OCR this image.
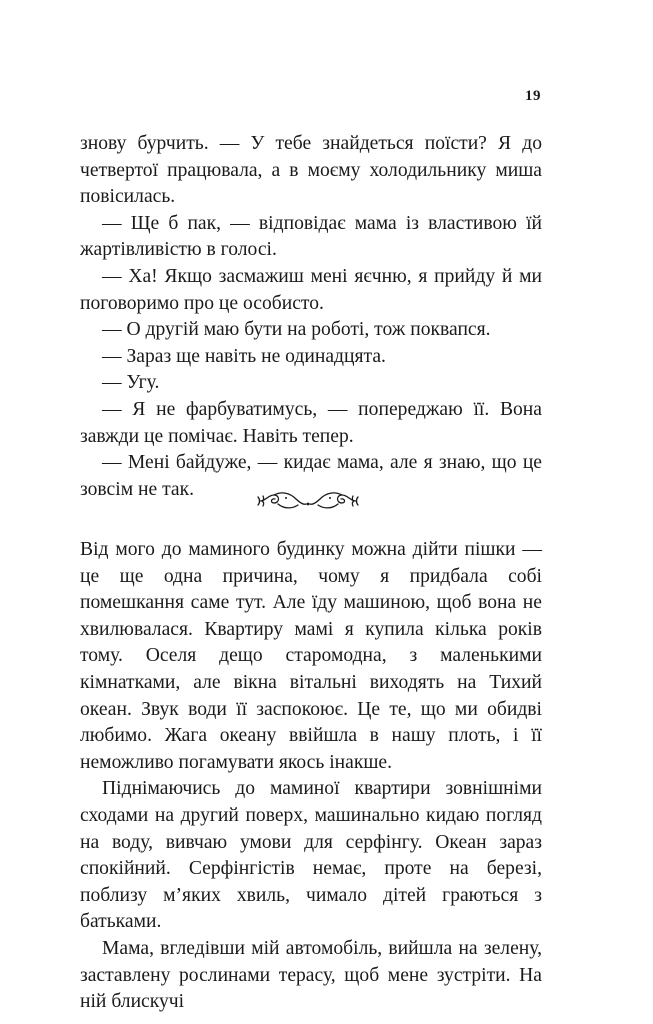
19

знову бурчить. — У тебе знайдеться поїсти? Я до четвертої працювала, а в моєму холодильнику миша повісилась.

— Ще б пак, — відповідає мама із властивою їй жартівливістю в голосі.

— Ха! Якщо засмажиш мені яєчню, я прийду й ми поговоримо про це особисто.

— О другій маю бути на роботі, тож поквапся.

— Зараз ще навіть не одинадцята.

— Угу.

— Я не фарбуватимусь, — попереджаю її. Вона завжди це помічає. Навіть тепер.

— Мені байдуже, — кидає мама, але я знаю, що це зовсім не так.

Від мого до маминого будинку можна дійти пішки — це ще одна причина, чому я придбала собі помешкання саме тут. Але їду машиною, щоб вона не хвилювалася. Квартиру мамі я купила кілька років тому. Оселя дещо старомодна, з маленькими кімнатками, але вікна вітальні виходять на Тихий океан. Звук води її заспокоює. Це те, що ми обидві любимо. Жага океану ввійшла в нашу плоть, і її неможливо погамувати якось інакше.

Піднімаючись до маминої квартири зовнішніми сходами на другий поверх, машинально кидаю погляд на воду, вивчаю умови для серфінгу. Океан зараз спокійний. Серфінгістів немає, проте на березі, поблизу м’яких хвиль, чимало дітей граються з батьками.

Мама, вгледівши мій автомобіль, вийшла на зелену, заставлену рослинами терасу, щоб мене зустріти. На ній блискучі
